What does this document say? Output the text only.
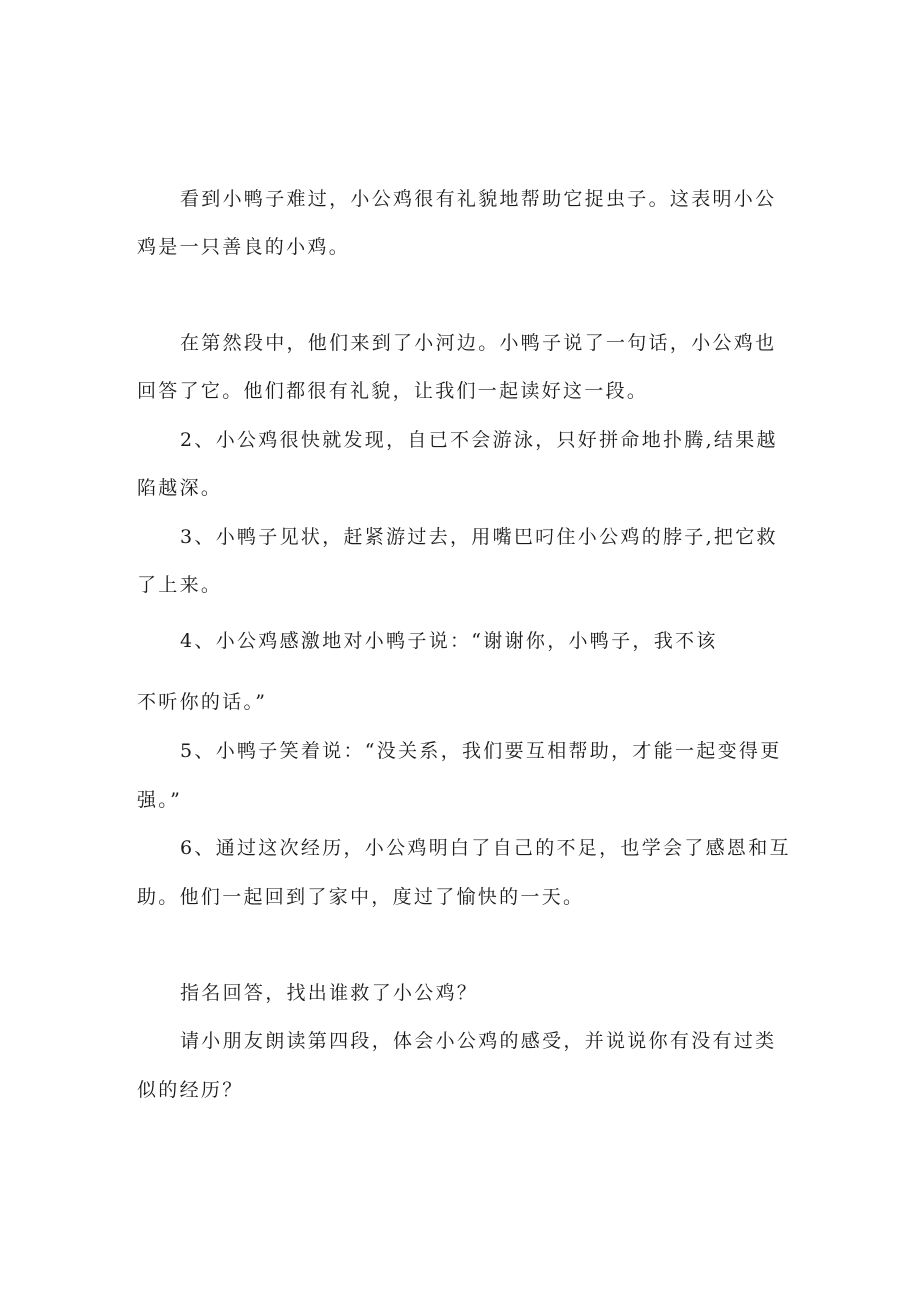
看到小鸭子难过，小公鸡很有礼貌地帮助它捉虫子。这表明小公

鸡是一只善良的小鸡。

在第然段中，他们来到了小河边。小鸭子说了一句话，小公鸡也

回答了它。他们都很有礼貌，让我们一起读好这一段。

2、小公鸡很快就发现，自已不会游泳，只好拼命地扑腾,结果越

陷越深。

3、小鸭子见状，赶紧游过去，用嘴巴叼住小公鸡的脖子,把它救

了上来。

4、小公鸡感激地对小鸭子说：“谢谢你，小鸭子，我不该

不听你的话。”

5、小鸭子笑着说：“没关系，我们要互相帮助，才能一起变得更

强。”

6、通过这次经历，小公鸡明白了自己的不足，也学会了感恩和互

助。他们一起回到了家中，度过了愉快的一天。

指名回答，找出谁救了小公鸡？

请小朋友朗读第四段，体会小公鸡的感受，并说说你有没有过类

似的经历？
